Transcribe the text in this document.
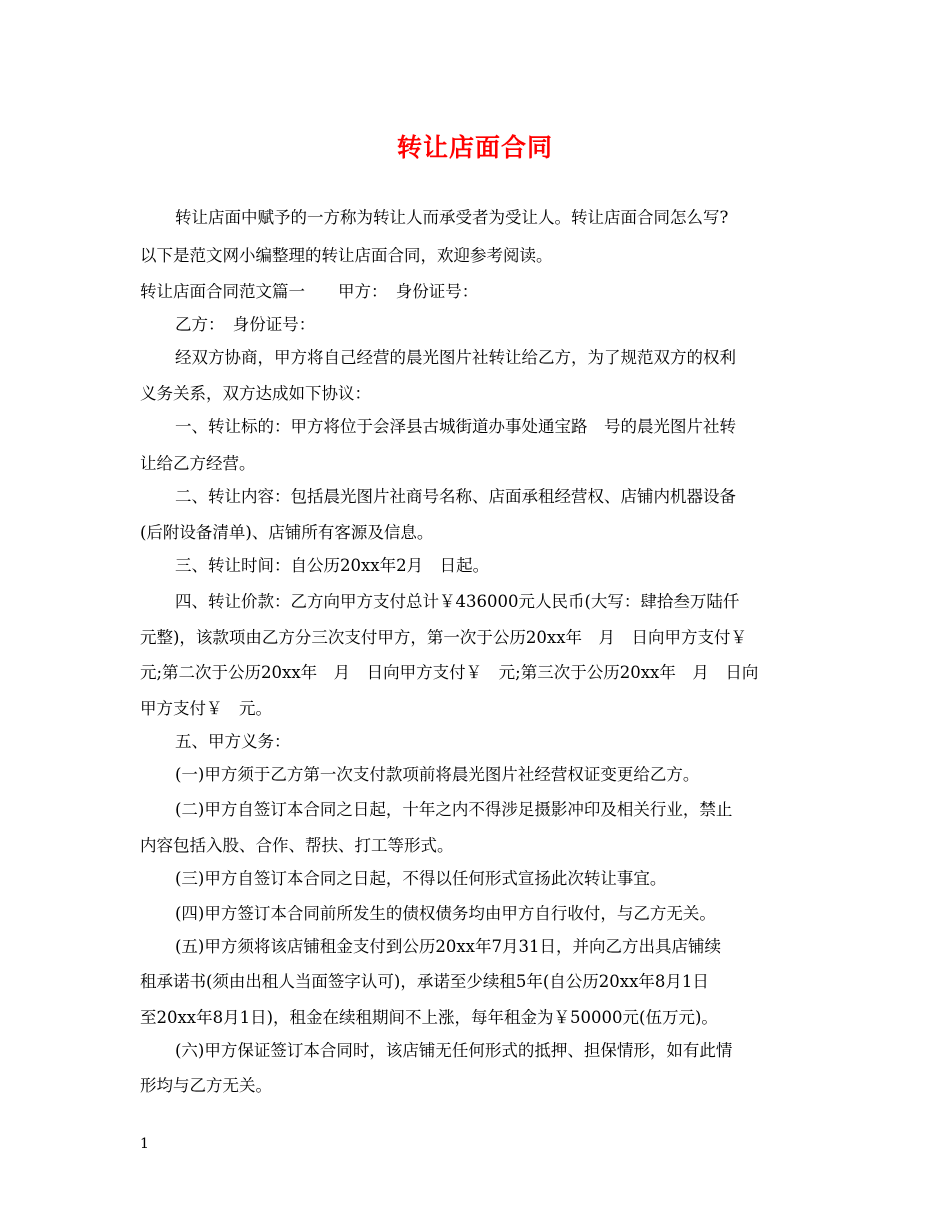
转让店面合同
转让店面中赋予的一方称为转让人而承受者为受让人。转让店面合同怎么写?
以下是范文网小编整理的转让店面合同，欢迎参考阅读。
转让店面合同范文篇一　　甲方：　身份证号：
乙方：　身份证号：
经双方协商，甲方将自己经营的晨光图片社转让给乙方，为了规范双方的权利
义务关系，双方达成如下协议：
一、转让标的：甲方将位于会泽县古城街道办事处通宝路　号的晨光图片社转
让给乙方经营。
二、转让内容：包括晨光图片社商号名称、店面承租经营权、店铺内机器设备
(后附设备清单)、店铺所有客源及信息。
三、转让时间：自公历20xx年2月　日起。
四、转让价款：乙方向甲方支付总计￥436000元人民币(大写：肆拾叁万陆仟
元整)，该款项由乙方分三次支付甲方，第一次于公历20xx年　月　日向甲方支付￥
元;第二次于公历20xx年　月　日向甲方支付￥　元;第三次于公历20xx年　月　日向
甲方支付￥　元。
五、甲方义务：
(一)甲方须于乙方第一次支付款项前将晨光图片社经营权证变更给乙方。
(二)甲方自签订本合同之日起，十年之内不得涉足摄影冲印及相关行业，禁止
内容包括入股、合作、帮扶、打工等形式。
(三)甲方自签订本合同之日起，不得以任何形式宣扬此次转让事宜。
(四)甲方签订本合同前所发生的债权债务均由甲方自行收付，与乙方无关。
(五)甲方须将该店铺租金支付到公历20xx年7月31日，并向乙方出具店铺续
租承诺书(须由出租人当面签字认可)，承诺至少续租5年(自公历20xx年8月1日
至20xx年8月1日)，租金在续租期间不上涨，每年租金为￥50000元(伍万元)。
(六)甲方保证签订本合同时，该店铺无任何形式的抵押、担保情形，如有此情
形均与乙方无关。
1
